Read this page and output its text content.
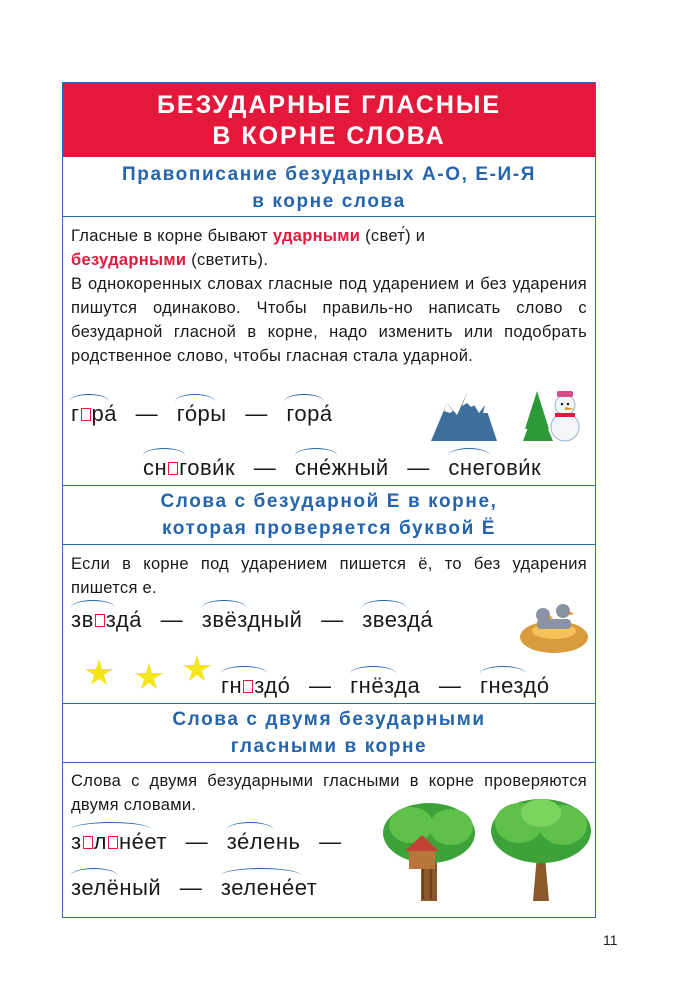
БЕЗУДАРНЫЕ ГЛАСНЫЕ
В КОРНЕ СЛОВА
Правописание безударных А-О, Е-И-Я
в корне слова

Гласные в корне бывают ударными (свет́) и
безударными (светить).

В однокоренных словах гласные под ударением и без ударения пишутся одинаково. Чтобы правиль-но написать слово с безударной гласной в корне, надо изменить или подобрать родственное слово, чтобы гласная стала ударной.

г ра — го́ры — гора́
сн говик — сне́жный — снегови́к
Слова с безударной Е в корне,
которая проверяется буквой Ё

Если в корне под ударением пишется ё, то без ударения пишется е.

зв зда — звёздный — звезда́
гн здо — гнёзда — гнездо́
Слова с двумя безударными
гласными в корне

Слова с двумя безударными гласными в корне проверяются двумя словами.

з л неет — зе́лень —
зелёный — зелене́ет
11
